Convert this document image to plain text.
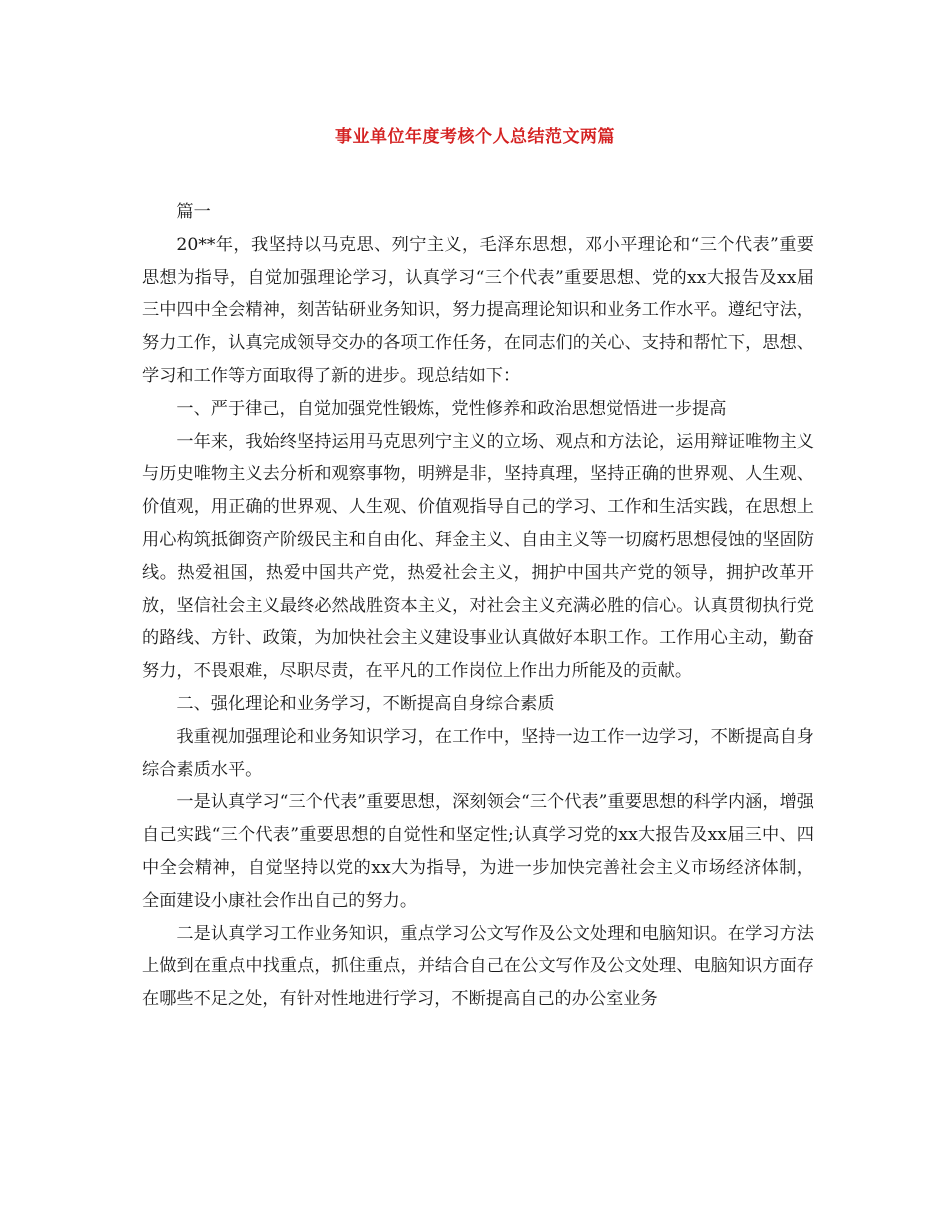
事业单位年度考核个人总结范文两篇

篇一

20**年，我坚持以马克思、列宁主义，毛泽东思想，邓小平理论和“三个代表”重要思想为指导，自觉加强理论学习，认真学习“三个代表”重要思想、党的xx大报告及xx届三中四中全会精神，刻苦钻研业务知识，努力提高理论知识和业务工作水平。遵纪守法，努力工作，认真完成领导交办的各项工作任务，在同志们的关心、支持和帮忙下，思想、学习和工作等方面取得了新的进步。现总结如下：

一、严于律己，自觉加强党性锻炼，党性修养和政治思想觉悟进一步提高

一年来，我始终坚持运用马克思列宁主义的立场、观点和方法论，运用辩证唯物主义与历史唯物主义去分析和观察事物，明辨是非，坚持真理，坚持正确的世界观、人生观、价值观，用正确的世界观、人生观、价值观指导自己的学习、工作和生活实践，在思想上用心构筑抵御资产阶级民主和自由化、拜金主义、自由主义等一切腐朽思想侵蚀的坚固防线。热爱祖国，热爱中国共产党，热爱社会主义，拥护中国共产党的领导，拥护改革开放，坚信社会主义最终必然战胜资本主义，对社会主义充满必胜的信心。认真贯彻执行党的路线、方针、政策，为加快社会主义建设事业认真做好本职工作。工作用心主动，勤奋努力，不畏艰难，尽职尽责，在平凡的工作岗位上作出力所能及的贡献。

二、强化理论和业务学习，不断提高自身综合素质

我重视加强理论和业务知识学习，在工作中，坚持一边工作一边学习，不断提高自身综合素质水平。

一是认真学习“三个代表”重要思想，深刻领会“三个代表”重要思想的科学内涵，增强自己实践“三个代表”重要思想的自觉性和坚定性;认真学习党的xx大报告及xx届三中、四中全会精神，自觉坚持以党的xx大为指导，为进一步加快完善社会主义市场经济体制，全面建设小康社会作出自己的努力。

二是认真学习工作业务知识，重点学习公文写作及公文处理和电脑知识。在学习方法上做到在重点中找重点，抓住重点，并结合自己在公文写作及公文处理、电脑知识方面存在哪些不足之处，有针对性地进行学习，不断提高自己的办公室业务
